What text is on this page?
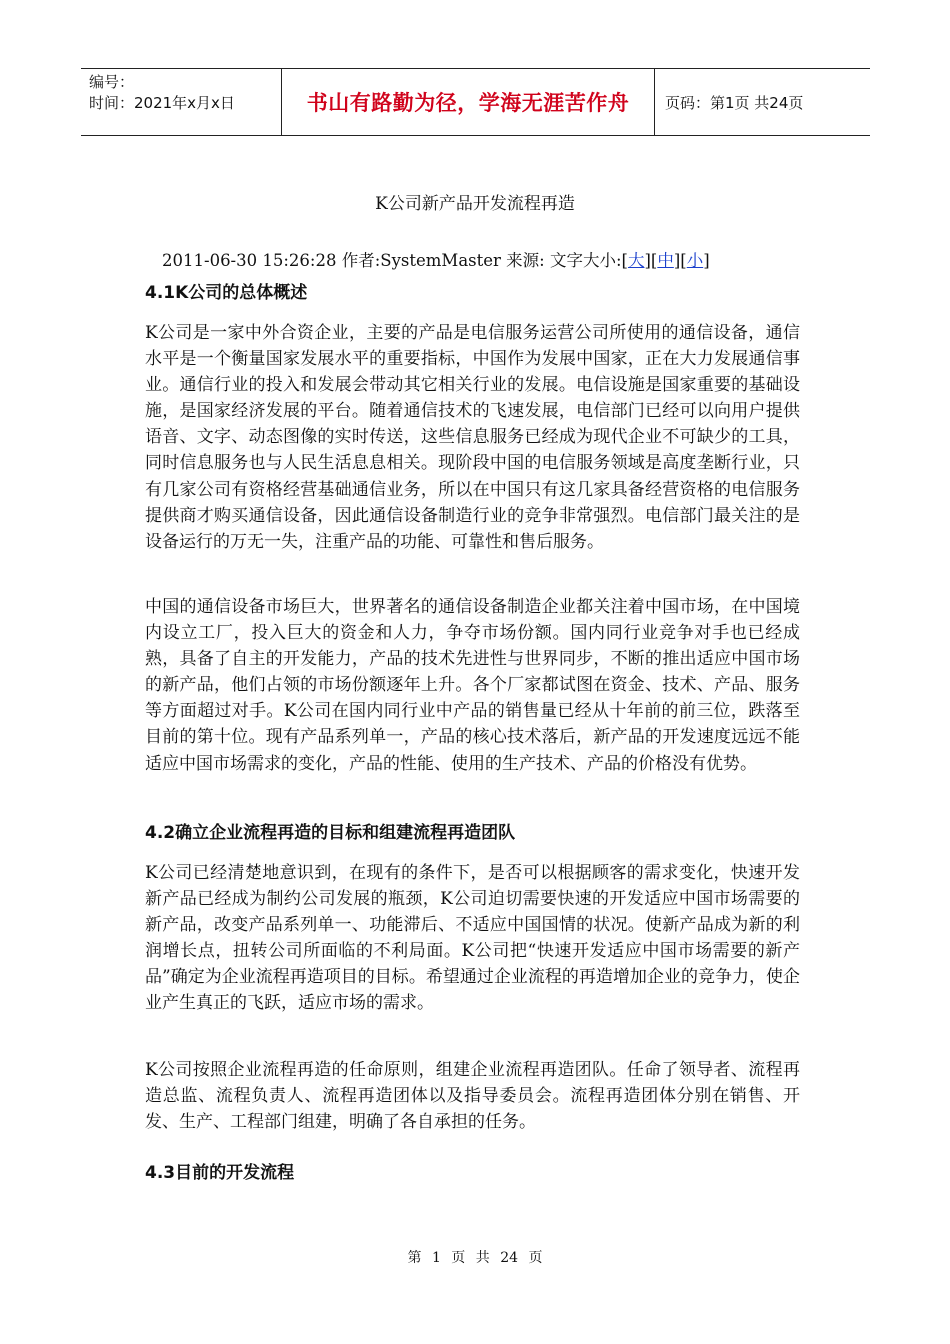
编号：
时间：2021年x月x日	书山有路勤为径，学海无涯苦作舟	页码：第1页 共24页
K公司新产品开发流程再造
2011-06-30 15:26:28 作者:SystemMaster 来源: 文字大小:[大][中][小]
4.1K公司的总体概述
K公司是一家中外合资企业，主要的产品是电信服务运营公司所使用的通信设备，通信水平是一个衡量国家发展水平的重要指标，中国作为发展中国家，正在大力发展通信事业。通信行业的投入和发展会带动其它相关行业的发展。电信设施是国家重要的基础设施，是国家经济发展的平台。随着通信技术的飞速发展，电信部门已经可以向用户提供语音、文字、动态图像的实时传送，这些信息服务已经成为现代企业不可缺少的工具，同时信息服务也与人民生活息息相关。现阶段中国的电信服务领域是高度垄断行业，只有几家公司有资格经营基础通信业务，所以在中国只有这几家具备经营资格的电信服务提供商才购买通信设备，因此通信设备制造行业的竞争非常强烈。电信部门最关注的是设备运行的万无一失，注重产品的功能、可靠性和售后服务。
中国的通信设备市场巨大，世界著名的通信设备制造企业都关注着中国市场，在中国境内设立工厂，投入巨大的资金和人力，争夺市场份额。国内同行业竞争对手也已经成熟，具备了自主的开发能力，产品的技术先进性与世界同步，不断的推出适应中国市场的新产品，他们占领的市场份额逐年上升。各个厂家都试图在资金、技术、产品、服务等方面超过对手。K公司在国内同行业中产品的销售量已经从十年前的前三位，跌落至目前的第十位。现有产品系列单一，产品的核心技术落后，新产品的开发速度远远不能适应中国市场需求的变化，产品的性能、使用的生产技术、产品的价格没有优势。
4.2确立企业流程再造的目标和组建流程再造团队
K公司已经清楚地意识到，在现有的条件下，是否可以根据顾客的需求变化，快速开发新产品已经成为制约公司发展的瓶颈，K公司迫切需要快速的开发适应中国市场需要的新产品，改变产品系列单一、功能滞后、不适应中国国情的状况。使新产品成为新的利润增长点，扭转公司所面临的不利局面。K公司把“快速开发适应中国市场需要的新产品”确定为企业流程再造项目的目标。希望通过企业流程的再造增加企业的竞争力，使企业产生真正的飞跃，适应市场的需求。
K公司按照企业流程再造的任命原则，组建企业流程再造团队。任命了领导者、流程再造总监、流程负责人、流程再造团体以及指导委员会。流程再造团体分别在销售、开发、生产、工程部门组建，明确了各自承担的任务。
4.3目前的开发流程
第 1 页 共 24 页
